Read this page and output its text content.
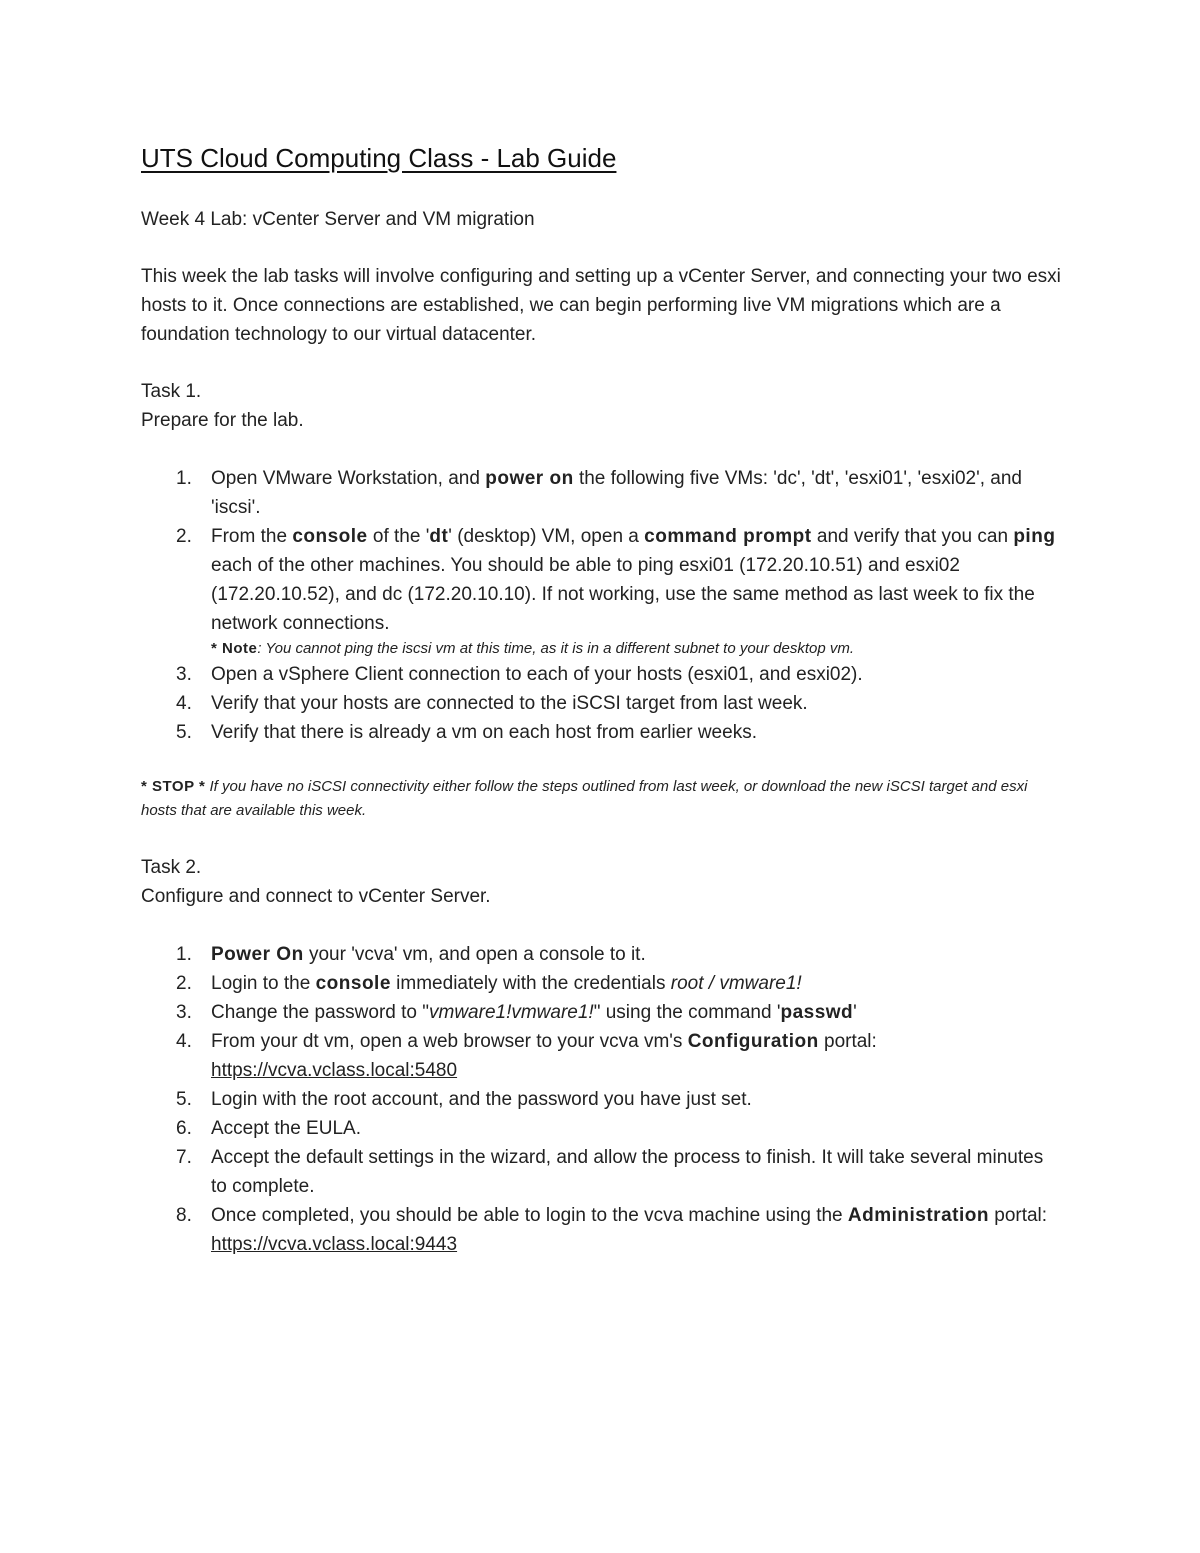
UTS Cloud Computing Class - Lab Guide

Week 4 Lab: vCenter Server and VM migration

This week the lab tasks will involve configuring and setting up a vCenter Server, and connecting your two esxi hosts to it. Once connections are established, we can begin performing live VM migrations which are a foundation technology to our virtual datacenter.

Task 1.
Prepare for the lab.
1. Open VMware Workstation, and power on the following five VMs: 'dc', 'dt', 'esxi01', 'esxi02', and 'iscsi'.
2. From the console of the 'dt' (desktop) VM, open a command prompt and verify that you can ping each of the other machines. You should be able to ping esxi01 (172.20.10.51) and esxi02 (172.20.10.52), and dc (172.20.10.10). If not working, use the same method as last week to fix the network connections.
* Note: You cannot ping the iscsi vm at this time, as it is in a different subnet to your desktop vm.
3. Open a vSphere Client connection to each of your hosts (esxi01, and esxi02).
4. Verify that your hosts are connected to the iSCSI target from last week.
5. Verify that there is already a vm on each host from earlier weeks.

* STOP * If you have no iSCSI connectivity either follow the steps outlined from last week, or download the new iSCSI target and esxi hosts that are available this week.

Task 2.
Configure and connect to vCenter Server.
1. Power On your 'vcva' vm, and open a console to it.
2. Login to the console immediately with the credentials root / vmware1!
3. Change the password to "vmware1!vmware1!" using the command 'passwd'
4. From your dt vm, open a web browser to your vcva vm's Configuration portal: https://vcva.vclass.local:5480
5. Login with the root account, and the password you have just set.
6. Accept the EULA.
7. Accept the default settings in the wizard, and allow the process to finish. It will take several minutes to complete.
8. Once completed, you should be able to login to the vcva machine using the Administration portal: https://vcva.vclass.local:9443
